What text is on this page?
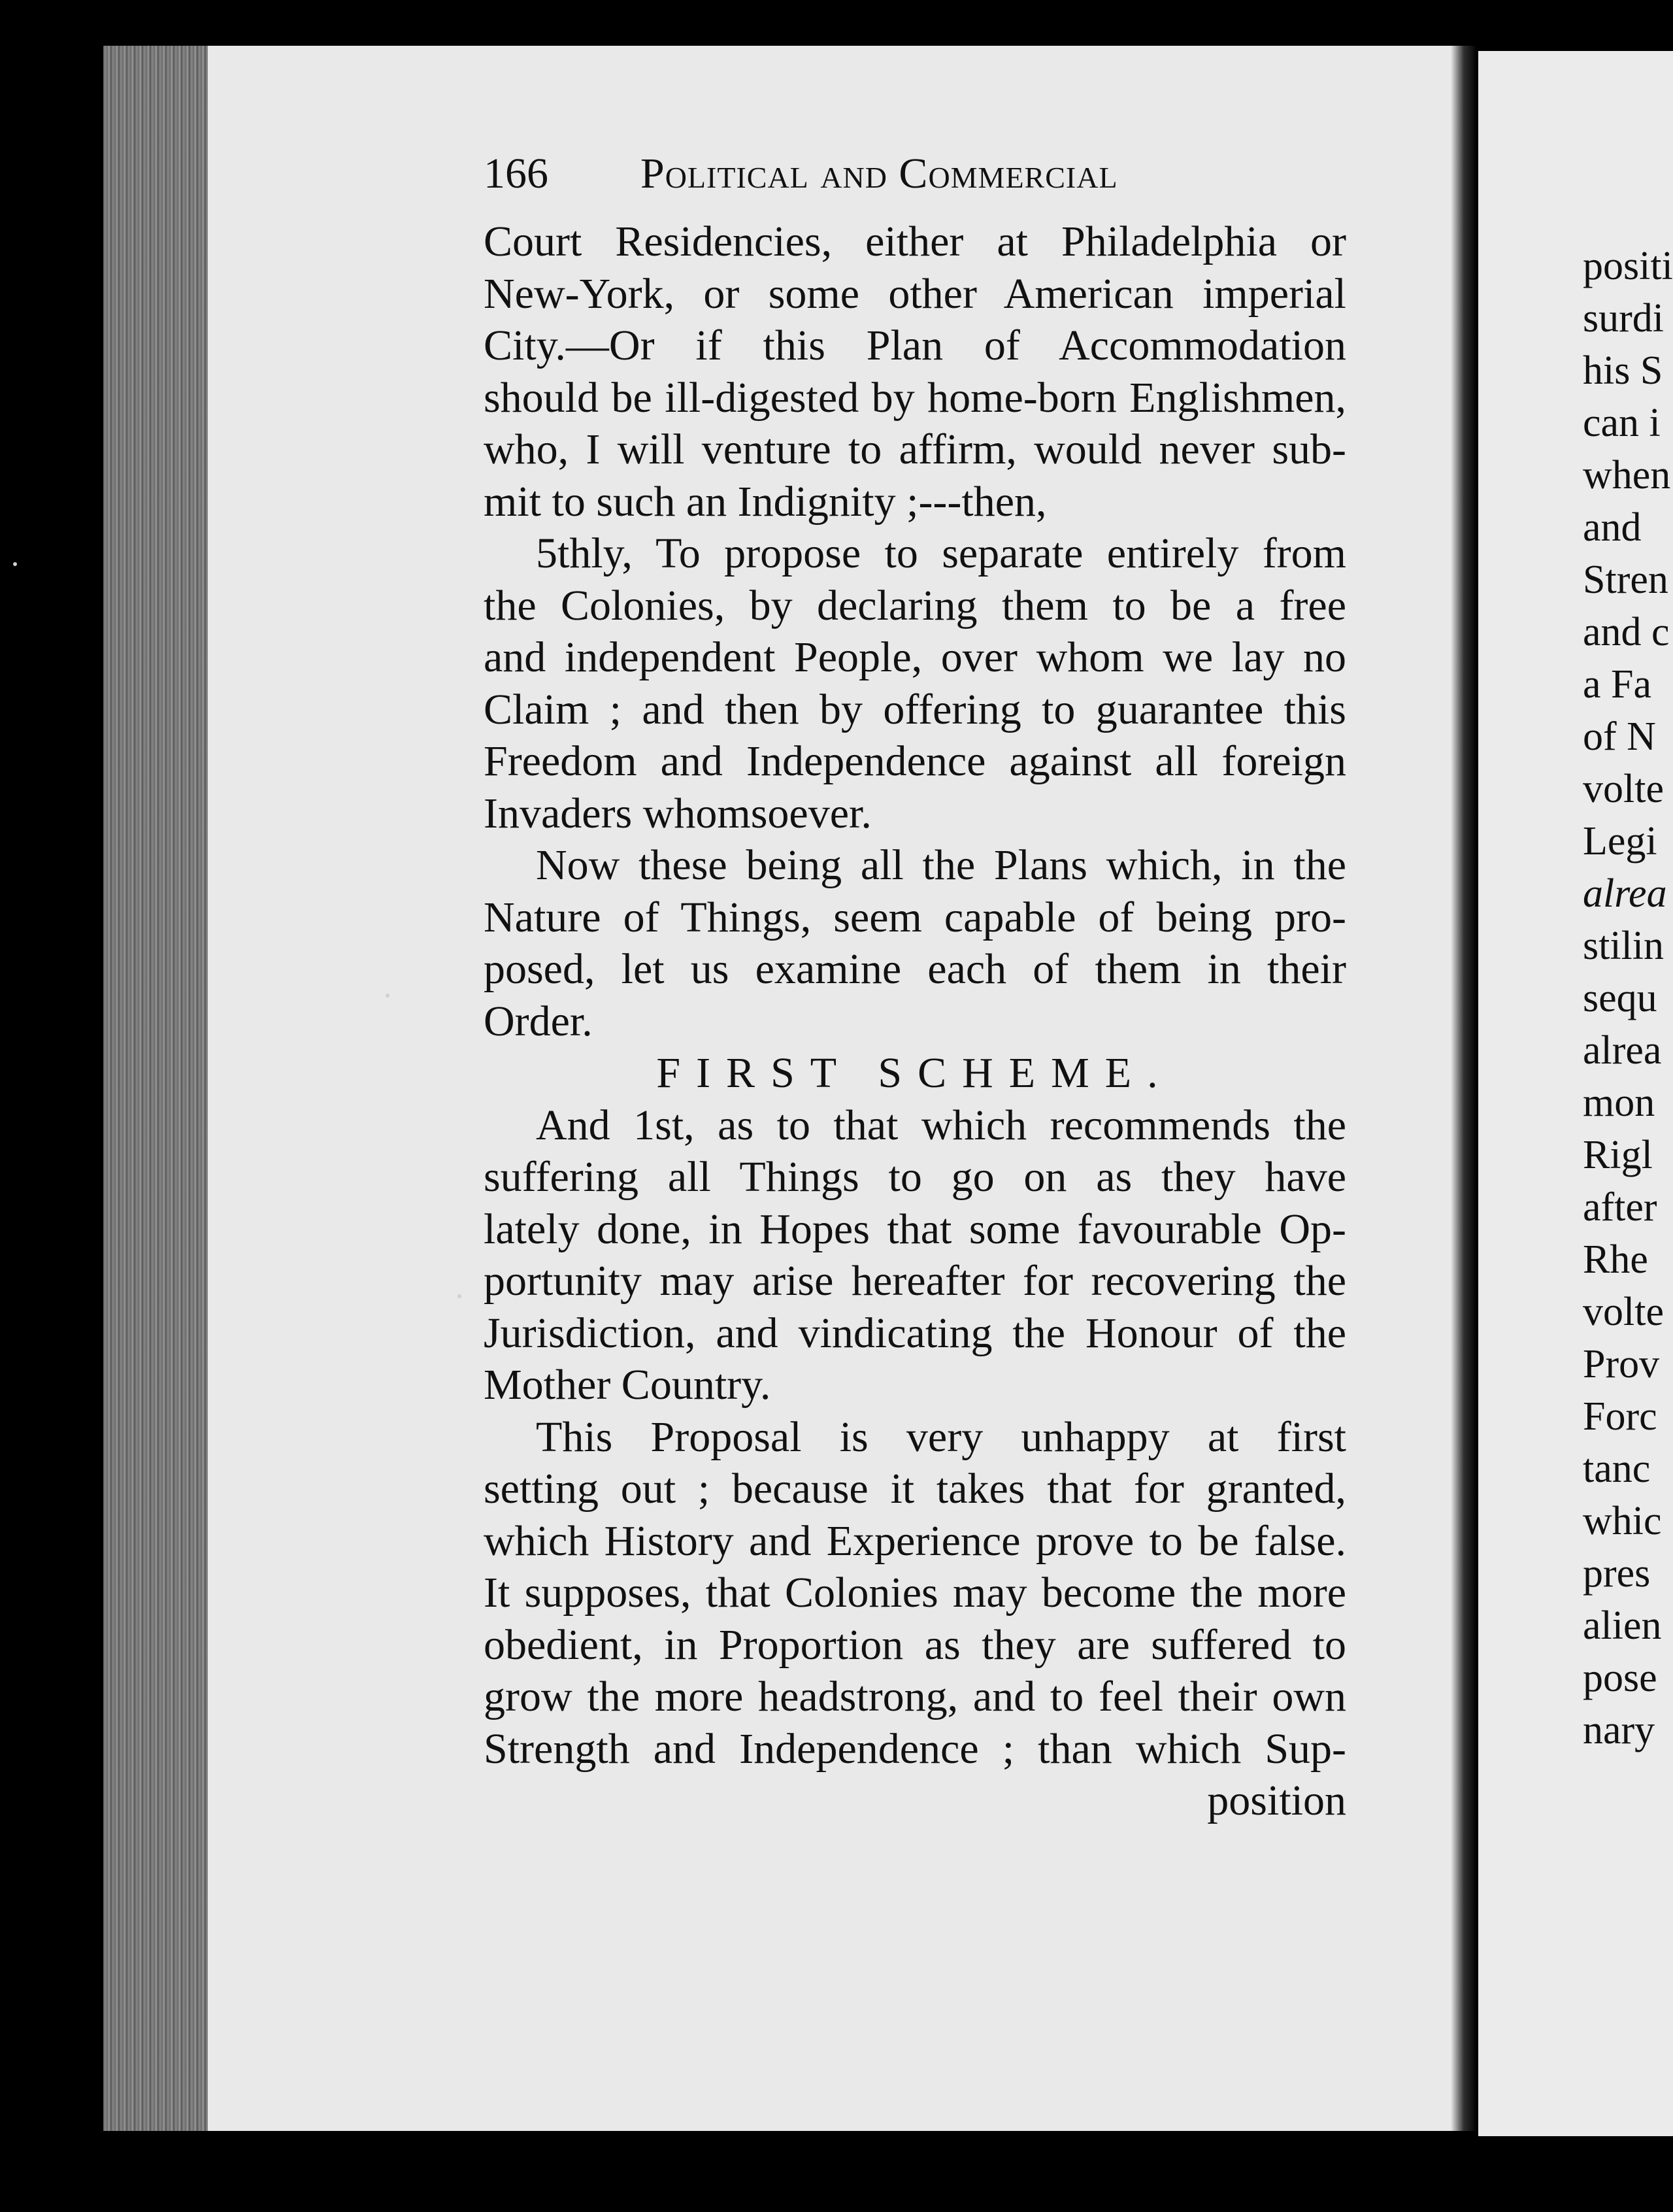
166 Political and Commercial
Court Residencies, either at Philadelphia or
New-York, or some other American imperial
City.—Or if this Plan of Accommodation
should be ill-digested by home-born Englishmen,
who, I will venture to affirm, would never sub-
mit to such an Indignity ;---then,
5thly, To propose to separate entirely from
the Colonies, by declaring them to be a free
and independent People, over whom we lay no
Claim ; and then by offering to guarantee this
Freedom and Independence against all foreign
Invaders whomsoever.
Now these being all the Plans which, in the
Nature of Things, seem capable of being pro-
posed, let us examine each of them in their
Order.
FIRST SCHEME.
And 1st, as to that which recommends the
suffering all Things to go on as they have
lately done, in Hopes that some favourable Op-
portunity may arise hereafter for recovering the
Jurisdiction, and vindicating the Honour of the
Mother Country.
This Proposal is very unhappy at first
setting out ; because it takes that for granted,
which History and Experience prove to be false.
It supposes, that Colonies may become the more
obedient, in Proportion as they are suffered to
grow the more headstrong, and to feel their own
Strength and Independence ; than which Sup-
position
positi
surdi
his S
can i
when
and
Stren
and c
a Fa
of N
volte
Legi
alrea
stilin
sequ
alrea
mon
Rigl
after
Rhe
volte
Prov
Forc
tanc
whic
pres
alien
pose
nary
